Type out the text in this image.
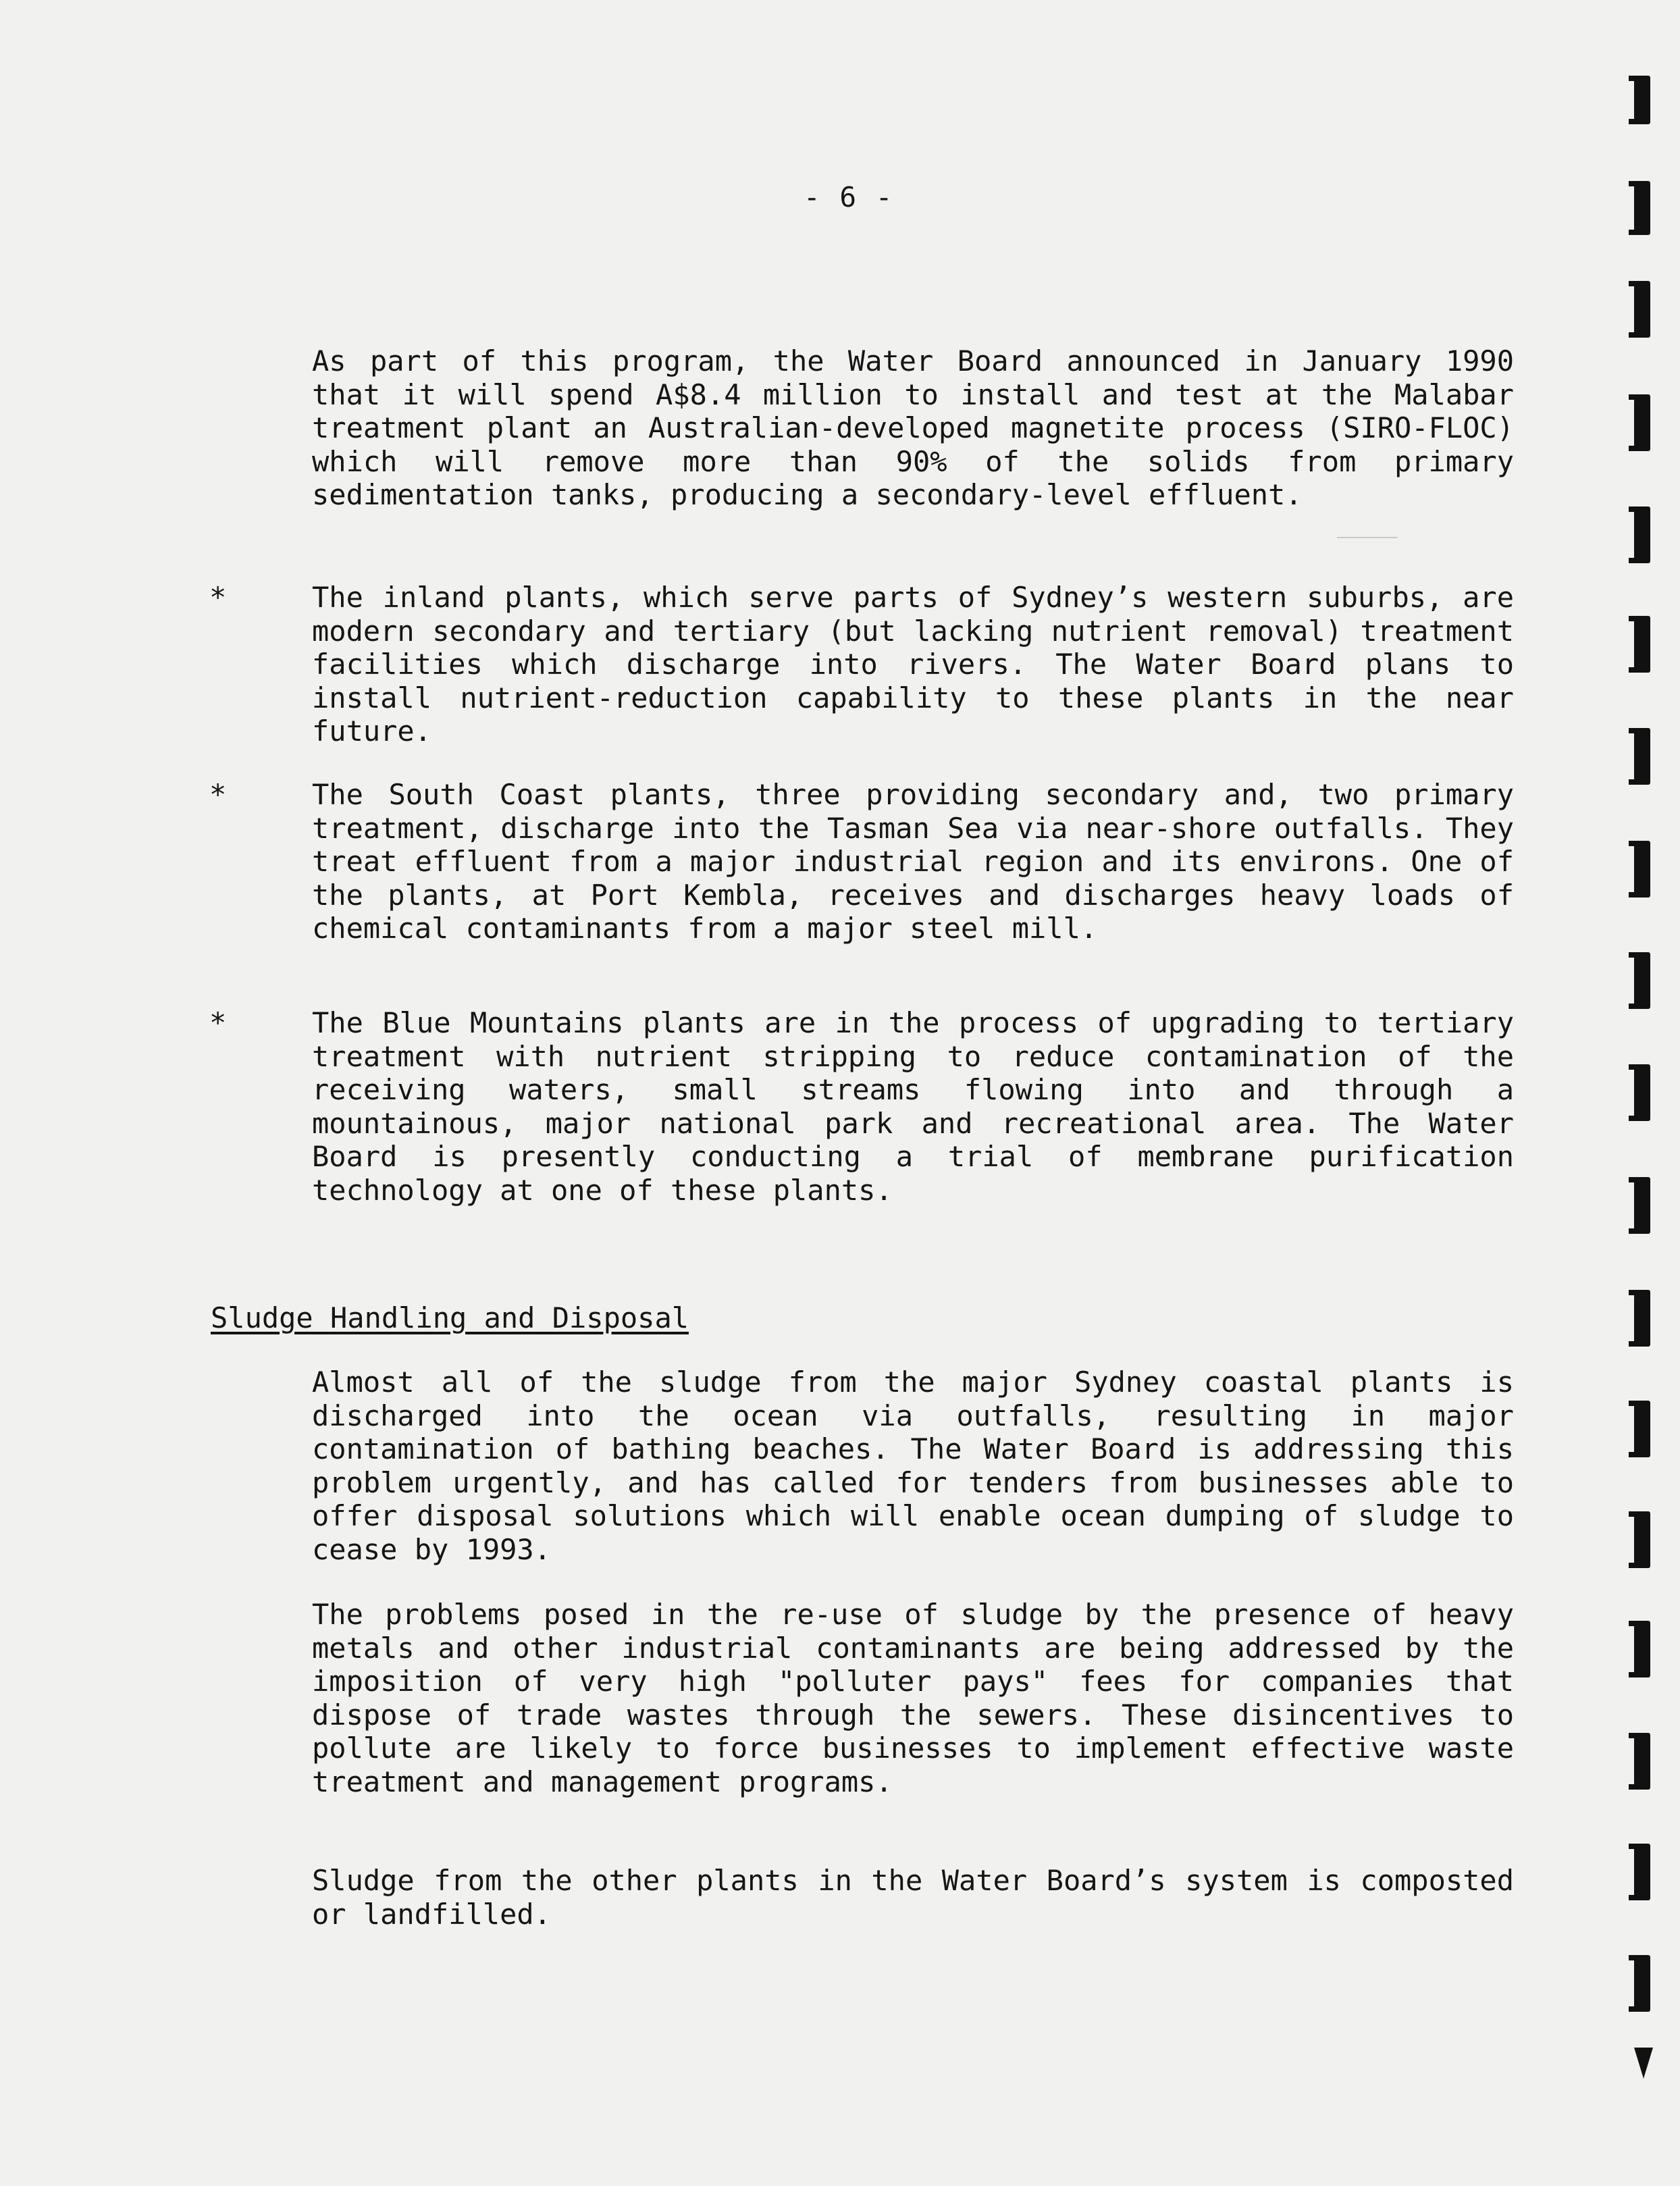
- 6 -

As part of this program, the Water Board announced in January 1990 that it will spend A$8.4 million to install and test at the Malabar treatment plant an Australian-developed magnetite process (SIRO-FLOC) which will remove more than 90% of the solids from primary sedimentation tanks, producing a secondary-level effluent.

*	The inland plants, which serve parts of Sydney’s western suburbs, are modern secondary and tertiary (but lacking nutrient removal) treatment facilities which discharge into rivers. The Water Board plans to install nutrient-reduction capability to these plants in the near future.

*	The South Coast plants, three providing secondary and, two primary treatment, discharge into the Tasman Sea via near-shore outfalls. They treat effluent from a major industrial region and its environs. One of the plants, at Port Kembla, receives and discharges heavy loads of chemical contaminants from a major steel mill.

*	The Blue Mountains plants are in the process of upgrading to tertiary treatment with nutrient stripping to reduce contamination of the receiving waters, small streams flowing into and through a mountainous, major national park and recreational area. The Water Board is presently conducting a trial of membrane purification technology at one of these plants.

Sludge Handling and Disposal

Almost all of the sludge from the major Sydney coastal plants is discharged into the ocean via outfalls, resulting in major contamination of bathing beaches. The Water Board is addressing this problem urgently, and has called for tenders from businesses able to offer disposal solutions which will enable ocean dumping of sludge to cease by 1993.

The problems posed in the re-use of sludge by the presence of heavy metals and other industrial contaminants are being addressed by the imposition of very high "polluter pays" fees for companies that dispose of trade wastes through the sewers. These disincentives to pollute are likely to force businesses to implement effective waste treatment and management programs.

Sludge from the other plants in the Water Board’s system is composted or landfilled.
